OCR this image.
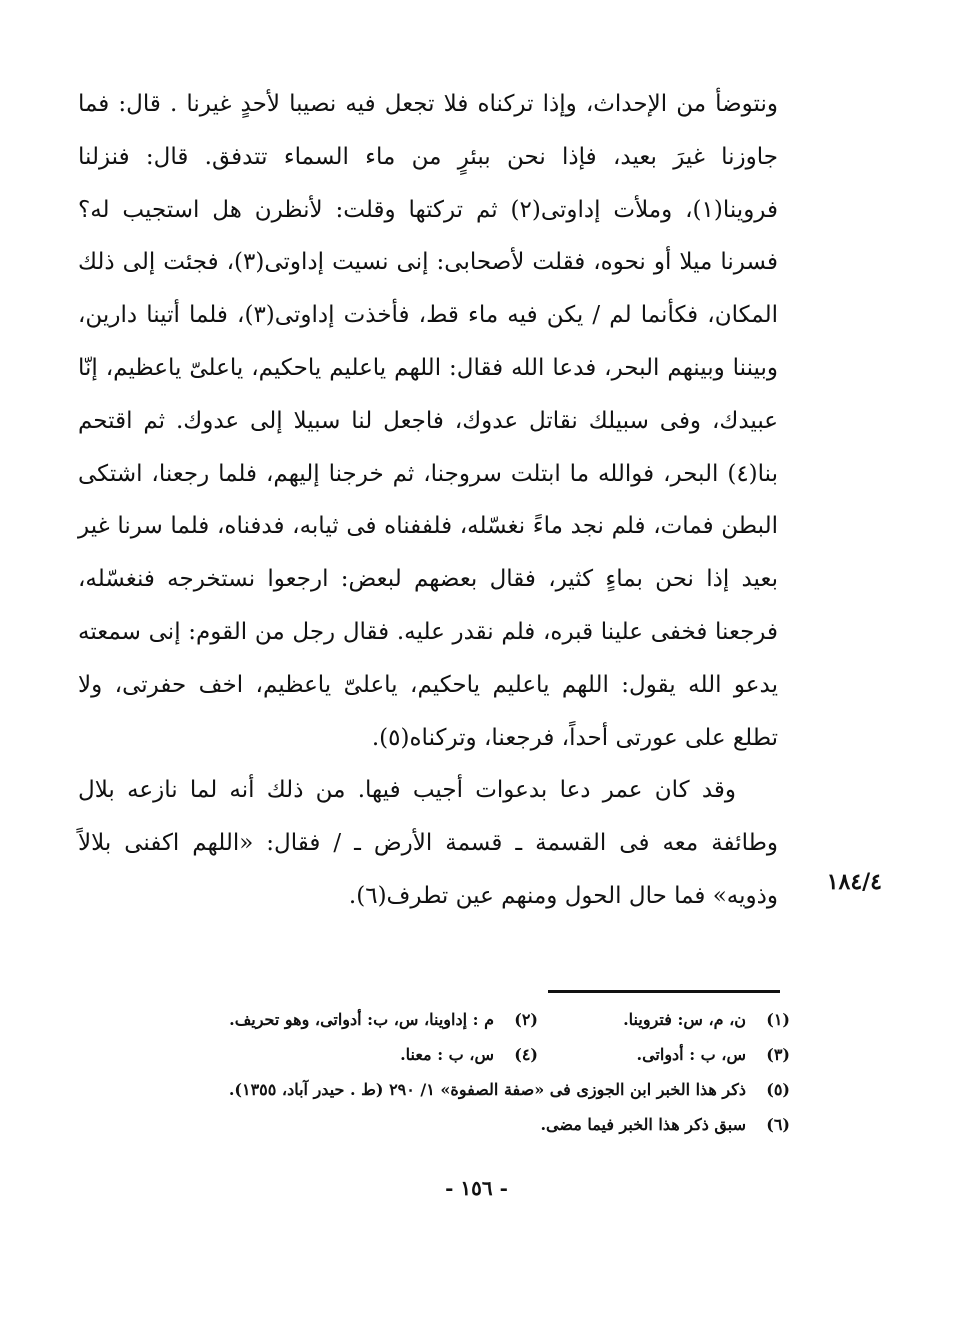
ونتوضأ من الإحداث، وإذا تركناه فلا تجعل فيه نصيبا لأحدٍ غيرنا . قال: فما جاوزنا غيرَ بعيد، فإذا نحن ببئرٍ من ماء السماء تتدفق. قال: فنزلنا فروينا(١)، وملأت إداوتى(٢) ثم تركتها وقلت: لأنظرن هل استجيب له؟ فسرنا ميلا أو نحوه، فقلت لأصحابى: إنى نسيت إداوتى(٣)، فجئت إلى ذلك المكان، فكأنما لم / يكن فيه ماء قط، فأخذت إداوتى(٣)، فلما أتينا دارين، وبيننا وبينهم البحر، فدعا الله فقال: اللهم ياعليم ياحكيم، ياعلىّ ياعظيم، إنّا عبيدك، وفى سبيلك نقاتل عدوك، فاجعل لنا سبيلا إلى عدوك. ثم اقتحم بنا(٤) البحر، فوالله ما ابتلت سروجنا، ثم خرجنا إليهم، فلما رجعنا، اشتكى البطن فمات، فلم نجد ماءً نغسّله، فلففناه فى ثيابه، فدفناه، فلما سرنا غير بعيد إذا نحن بماءٍ كثير، فقال بعضهم لبعض: ارجعوا نستخرجه فنغسّله، فرجعنا فخفى علينا قبره، فلم نقدر عليه. فقال رجل من القوم: إنى سمعته يدعو الله يقول: اللهم ياعليم ياحكيم، ياعلىّ ياعظيم، اخف حفرتى، ولا تطلع على عورتى أحداً، فرجعنا، وتركناه(٥).

وقد كان عمر دعا بدعوات أجيب فيها. من ذلك أنه لما نازعه بلال وطائفة معه فى القسمة ـ قسمة الأرض ـ / فقال: «اللهم اكفنى بلالاً وذويه» فما حال الحول ومنهم عين تطرف(٦).

١٨٤/٤
(١)
ن، م، س: فتروينا.
(٢)
م : إداوينا، س، ب: أدواتى، وهو تحريف.
(٣)
س، ب : أدواتى.
(٤)
س، ب : معنا.
(٥)
ذكر هذا الخبر ابن الجوزى فى «صفة الصفوة» ١/ ٢٩٠ (ط . حيدر آباد، ١٣٥٥).
(٦)
سبق ذكر هذا الخبر فيما مضى.
- ١٥٦ -
